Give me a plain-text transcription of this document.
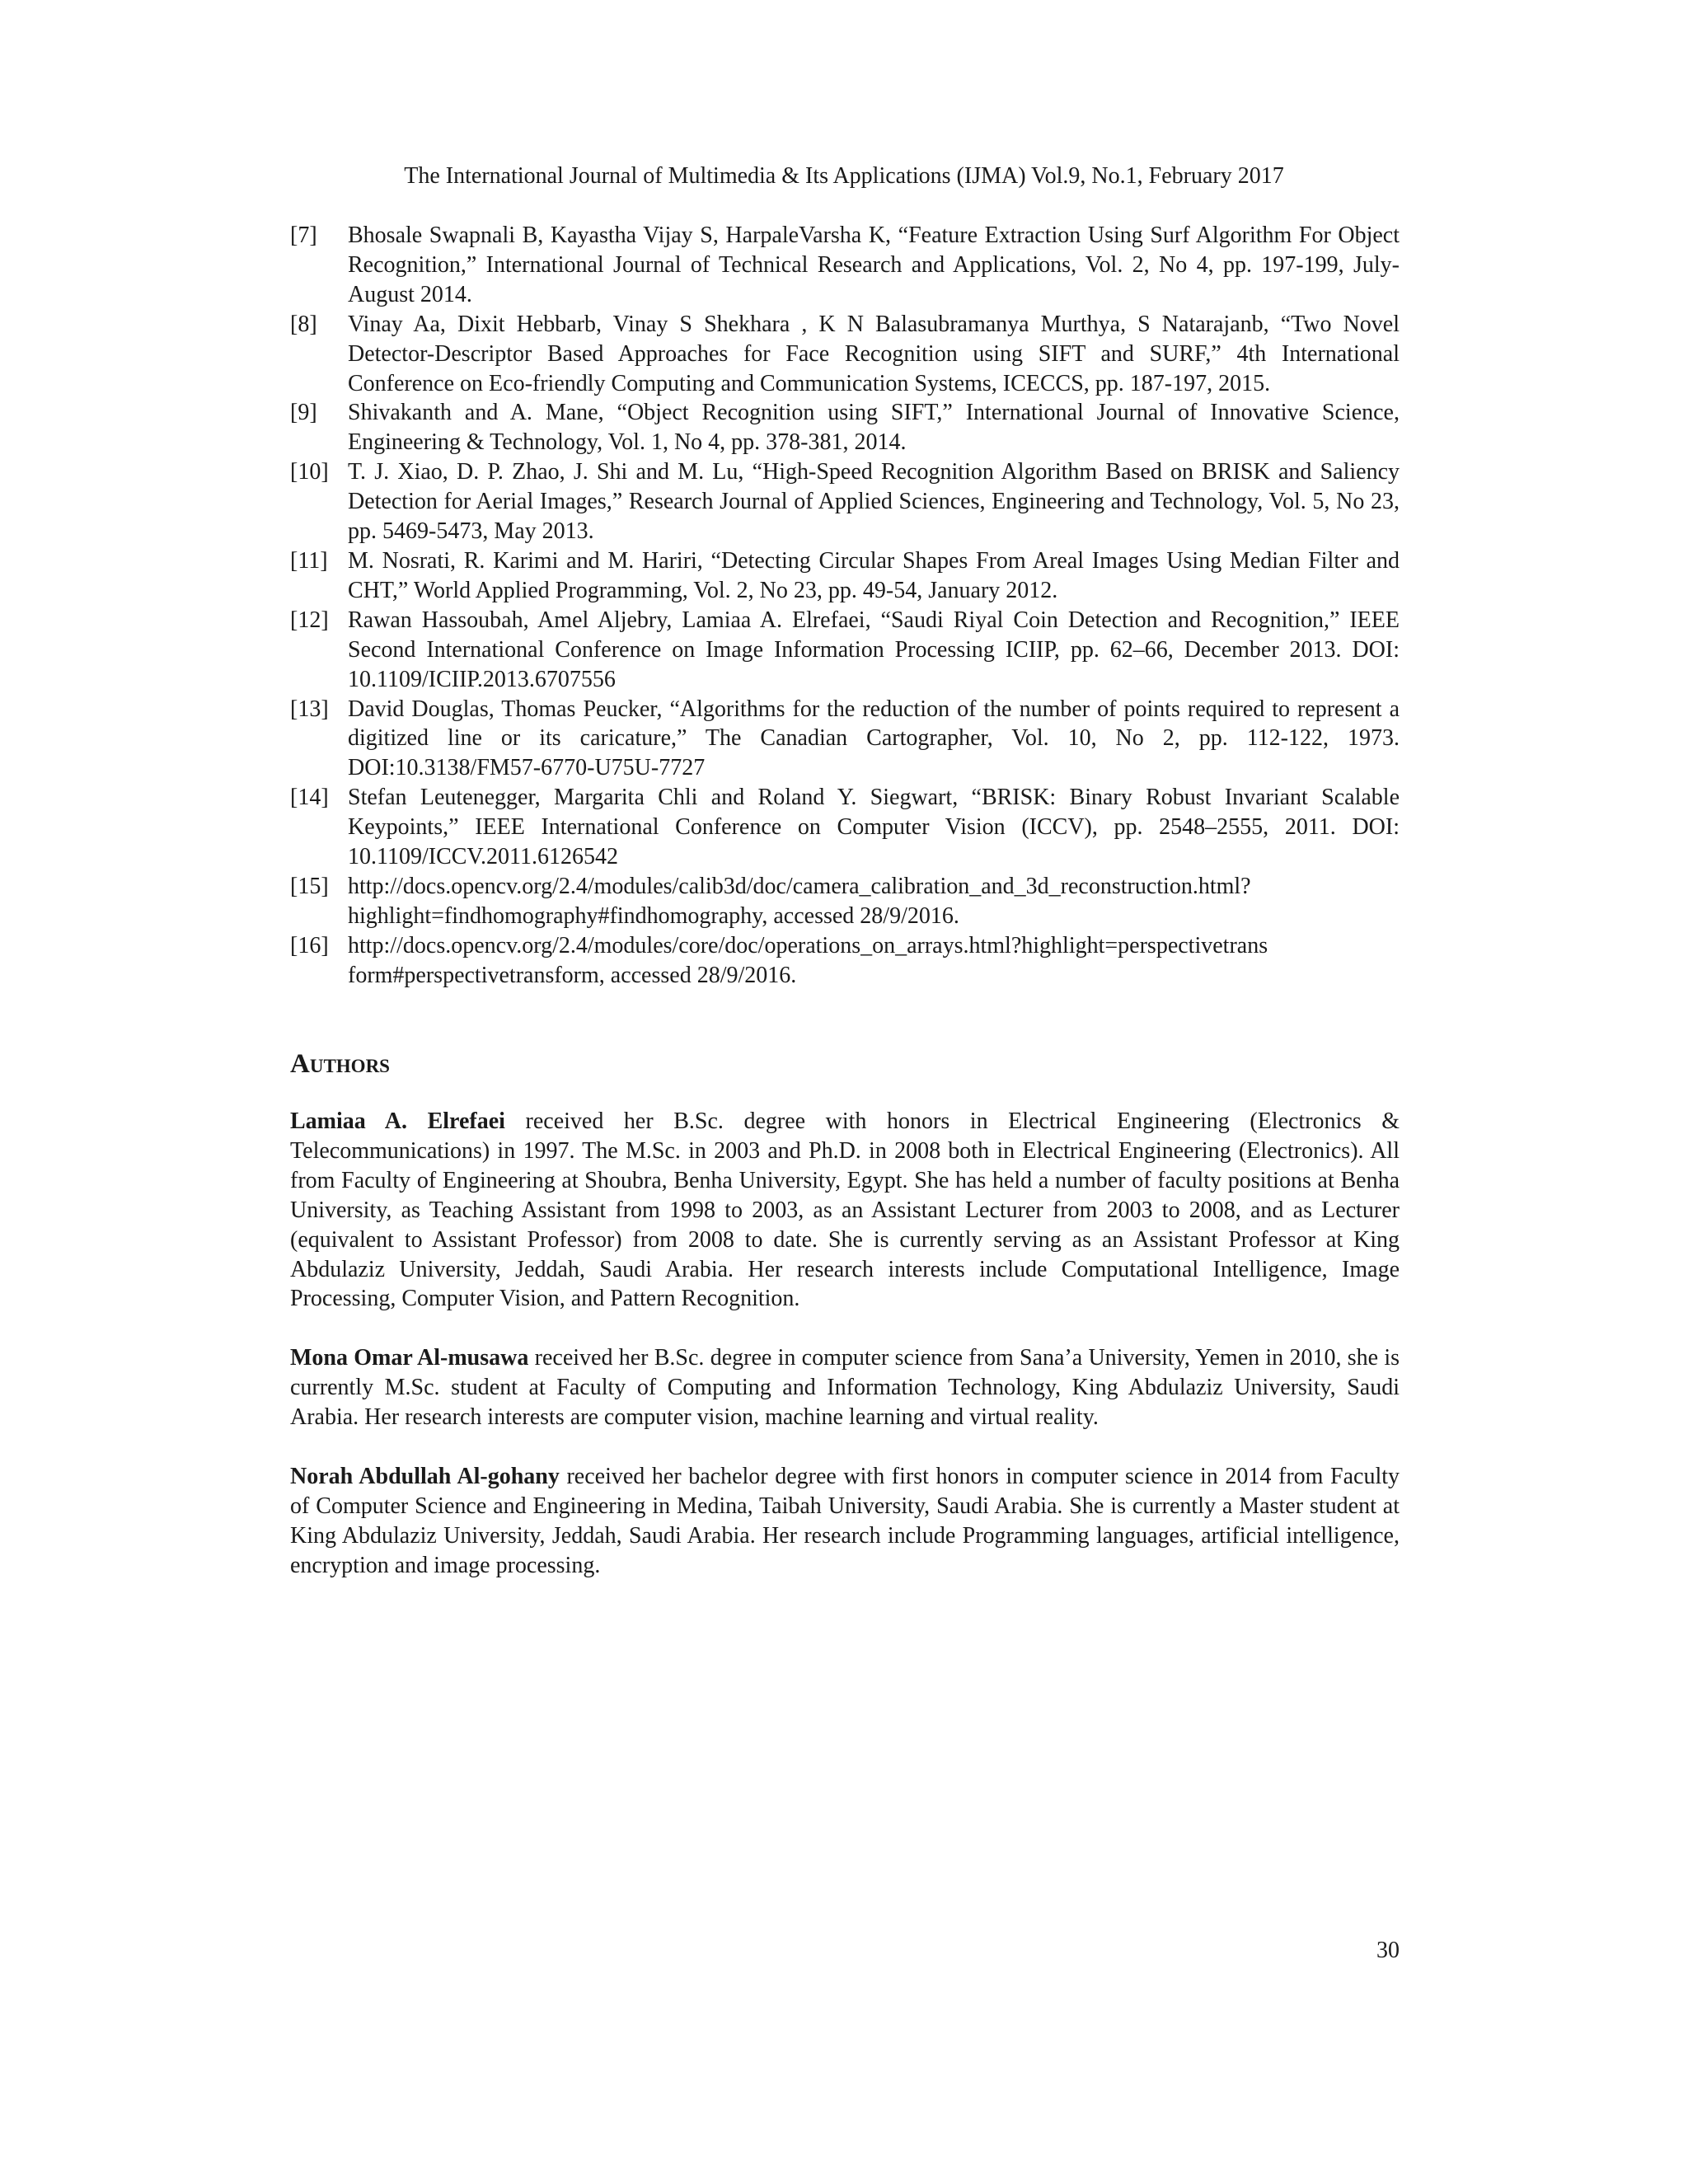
The International Journal of Multimedia & Its Applications (IJMA) Vol.9, No.1, February 2017
[7]	Bhosale Swapnali B, Kayastha Vijay S, HarpaleVarsha K, “Feature Extraction Using Surf Algorithm For Object Recognition,” International Journal of Technical Research and Applications, Vol. 2, No 4, pp. 197-199, July-August 2014.
[8]	Vinay Aa, Dixit Hebbarb, Vinay S Shekhara , K N Balasubramanya Murthya, S Natarajanb, “Two Novel Detector-Descriptor Based Approaches for Face Recognition using SIFT and SURF,” 4th International Conference on Eco-friendly Computing and Communication Systems, ICECCS, pp. 187-197, 2015.
[9]	Shivakanth and A. Mane, “Object Recognition using SIFT,” International Journal of Innovative Science, Engineering & Technology, Vol. 1, No 4, pp. 378-381, 2014.
[10] T. J. Xiao, D. P. Zhao, J. Shi and M. Lu, “High-Speed Recognition Algorithm Based on BRISK and Saliency Detection for Aerial Images,” Research Journal of Applied Sciences, Engineering and Technology, Vol. 5, No 23, pp. 5469-5473, May 2013.
[11] M. Nosrati, R. Karimi and M. Hariri, “Detecting Circular Shapes From Areal Images Using Median Filter and CHT,” World Applied Programming, Vol. 2, No 23, pp. 49-54, January 2012.
[12] Rawan Hassoubah, Amel Aljebry, Lamiaa A. Elrefaei, “Saudi Riyal Coin Detection and Recognition,” IEEE Second International Conference on Image Information Processing ICIIP, pp. 62–66, December 2013. DOI: 10.1109/ICIIP.2013.6707556
[13] David Douglas, Thomas Peucker, “Algorithms for the reduction of the number of points required to represent a digitized line or its caricature,” The Canadian Cartographer, Vol. 10, No 2, pp. 112-122, 1973. DOI:10.3138/FM57-6770-U75U-7727
[14] Stefan Leutenegger, Margarita Chli and Roland Y. Siegwart, “BRISK: Binary Robust Invariant Scalable Keypoints,” IEEE International Conference on Computer Vision (ICCV), pp. 2548–2555, 2011. DOI: 10.1109/ICCV.2011.6126542
[15] http://docs.opencv.org/2.4/modules/calib3d/doc/camera_calibration_and_3d_reconstruction.html? highlight=findhomography#findhomography, accessed 28/9/2016.
[16] http://docs.opencv.org/2.4/modules/core/doc/operations_on_arrays.html?highlight=perspectivetrans form#perspectivetransform, accessed 28/9/2016.
Authors

Lamiaa A. Elrefaei received her B.Sc. degree with honors in Electrical Engineering (Electronics & Telecommunications) in 1997. The M.Sc. in 2003 and Ph.D. in 2008 both in Electrical Engineering (Electronics). All from Faculty of Engineering at Shoubra, Benha University, Egypt. She has held a number of faculty positions at Benha University, as Teaching Assistant from 1998 to 2003, as an Assistant Lecturer from 2003 to 2008, and as Lecturer (equivalent to Assistant Professor) from 2008 to date. She is currently serving as an Assistant Professor at King Abdulaziz University, Jeddah, Saudi Arabia. Her research interests include Computational Intelligence, Image Processing, Computer Vision, and Pattern Recognition.

Mona Omar Al-musawa received her B.Sc. degree in computer science from Sana’a University, Yemen in 2010, she is currently M.Sc. student at Faculty of Computing and Information Technology, King Abdulaziz University, Saudi Arabia. Her research interests are computer vision, machine learning and virtual reality.

Norah Abdullah Al-gohany received her bachelor degree with first honors in computer science in 2014 from Faculty of Computer Science and Engineering in Medina, Taibah University, Saudi Arabia. She is currently a Master student at King Abdulaziz University, Jeddah, Saudi Arabia. Her research include Programming languages, artificial intelligence, encryption and image processing.

30
